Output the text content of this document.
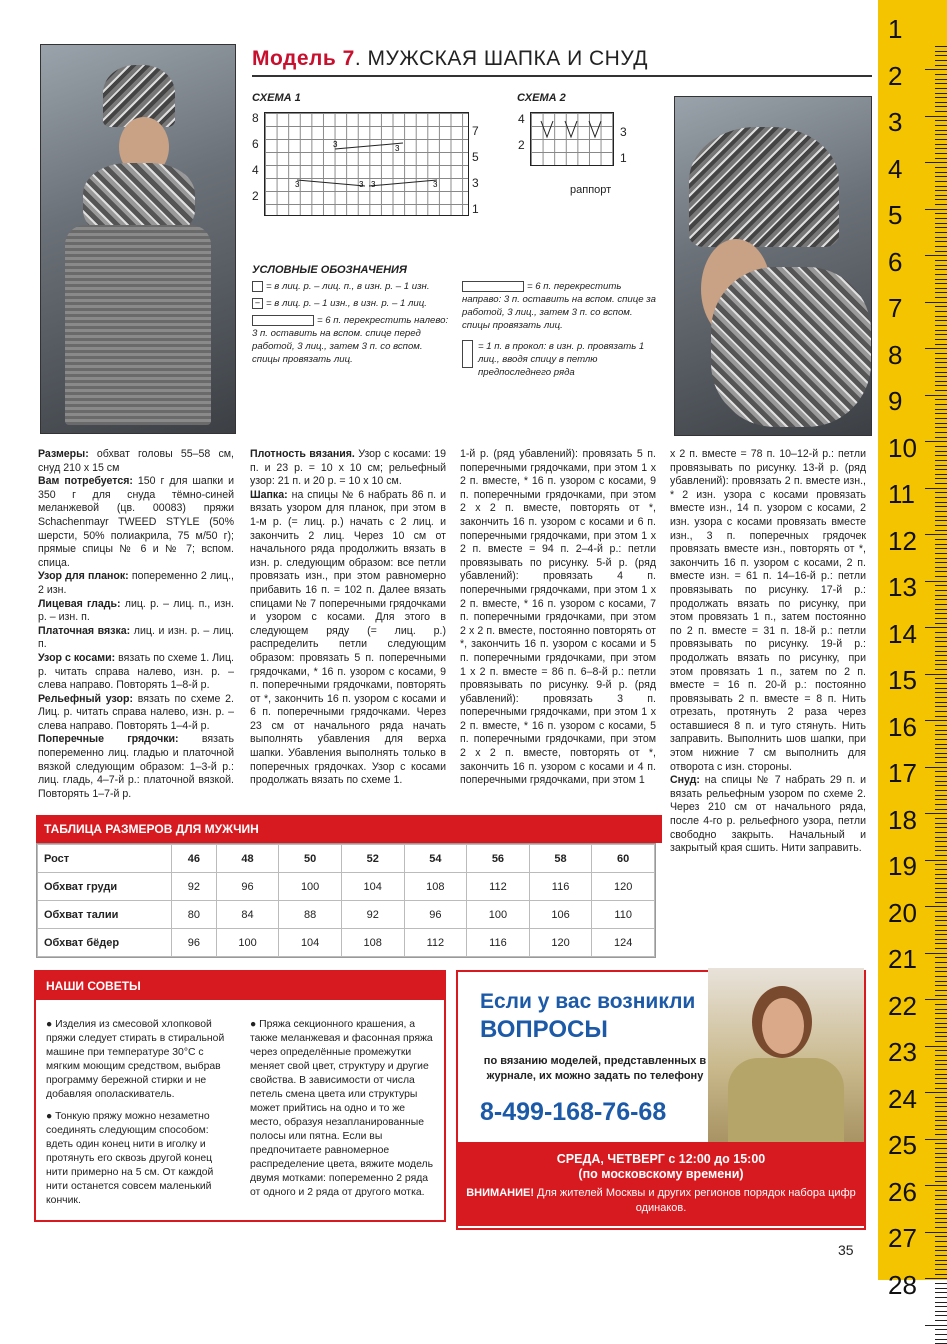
Модель 7. МУЖСКАЯ ШАПКА И СНУД
СХЕМА 1
8
6
4
2
3	3
3	3 3	3
7
5
3
1
СХЕМА 2
4
2
3
1
раппорт
УСЛОВНЫЕ ОБОЗНАЧЕНИЯ
= в лиц. р. – лиц. п., в изн. р. – 1 изн.
– = в лиц. р. – 1 изн., в изн. р. – 1 лиц.
= 6 п. перекрестить налево: 3 п. оставить на вспом. спице перед работой, 3 лиц., затем 3 п. со вспом. спицы провязать лиц.
= 6 п. перекрестить направо: 3 п. оставить на вспом. спице за работой, 3 лиц., затем 3 п. со вспом. спицы провязать лиц.
= 1 п. в прокол: в изн. р. провязать 1 лиц., вводя спицу в петлю предпоследнего ряда

Размеры: обхват головы 55–58 см, снуд 210 х 15 см

Вам потребуется: 150 г для шапки и 350 г для снуда тёмно-синей меланжевой (цв. 00083) пряжи Schachenmayr TWEED STYLE (50% шерсти, 50% полиакрила, 75 м/50 г); прямые спицы № 6 и № 7; вспом. спица.

Узор для планок: попеременно 2 лиц., 2 изн.

Лицевая гладь: лиц. р. – лиц. п., изн. р. – изн. п.

Платочная вязка: лиц. и изн. р. – лиц. п.

Узор с косами: вязать по схеме 1. Лиц. р. читать справа налево, изн. р. – слева направо. Повторять 1–8-й р.

Рельефный узор: вязать по схеме 2. Лиц. р. читать справа налево, изн. р. – слева направо. Повторять 1–4-й р.

Поперечные грядочки: вязать попеременно лиц. гладью и платочной вязкой следующим образом: 1–3-й р.: лиц. гладь, 4–7-й р.: платочной вязкой. Повторять 1–7-й р.

Плотность вязания. Узор с косами: 19 п. и 23 р. = 10 х 10 см; рельефный узор: 21 п. и 20 р. = 10 х 10 см.

Шапка: на спицы № 6 набрать 86 п. и вязать узором для планок, при этом в 1-м р. (= лиц. р.) начать с 2 лиц. и закончить 2 лиц. Через 10 см от начального ряда продолжить вязать в изн. р. следующим образом: все петли провязать изн., при этом равномерно прибавить 16 п. = 102 п. Далее вязать спицами № 7 поперечными грядочками и узором с косами. Для этого в следующем ряду (= лиц. р.) распределить петли следующим образом: провязать 5 п. поперечными грядочками, * 16 п. узором с косами, 9 п. поперечными грядочками, повторять от *, закончить 16 п. узором с косами и 6 п. поперечными грядочками. Через 23 см от начального ряда начать выполнять убавления для верха шапки. Убавления выполнять только в поперечных грядочках. Узор с косами продолжать вязать по схеме 1.

1-й р. (ряд убавлений): провязать 5 п. поперечными грядочками, при этом 1 х 2 п. вместе, * 16 п. узором с косами, 9 п. поперечными грядочками, при этом 2 х 2 п. вместе, повторять от *, закончить 16 п. узором с косами и 6 п. поперечными грядочками, при этом 1 х 2 п. вместе = 94 п. 2–4-й р.: петли провязывать по рисунку. 5-й р. (ряд убавлений): провязать 4 п. поперечными грядочками, при этом 1 х 2 п. вместе, * 16 п. узором с косами, 7 п. поперечными грядочками, при этом 2 х 2 п. вместе, постоянно повторять от *, закончить 16 п. узором с косами и 5 п. поперечными грядочками, при этом 1 х 2 п. вместе = 86 п. 6–8-й р.: петли провязывать по рисунку. 9-й р. (ряд убавлений): провязать 3 п. поперечными грядочками, при этом 1 х 2 п. вместе, * 16 п. узором с косами, 5 п. поперечными грядочками, при этом 2 х 2 п. вместе, повторять от *, закончить 16 п. узором с косами и 4 п. поперечными грядочками, при этом 1

х 2 п. вместе = 78 п. 10–12-й р.: петли провязывать по рисунку. 13-й р. (ряд убавлений): провязать 2 п. вместе изн., * 2 изн. узора с косами провязать вместе изн., 14 п. узором с косами, 2 изн. узора с косами провязать вместе изн., 3 п. поперечных грядочек провязать вместе изн., повторять от *, закончить 16 п. узором с косами, 2 п. вместе изн. = 61 п. 14–16-й р.: петли провязывать по рисунку. 17-й р.: продолжать вязать по рисунку, при этом провязать 1 п., затем постоянно по 2 п. вместе = 31 п. 18-й р.: петли провязывать по рисунку. 19-й р.: продолжать вязать по рисунку, при этом провязать 1 п., затем по 2 п. вместе = 16 п. 20-й р.: постоянно провязывать 2 п. вместе = 8 п. Нить отрезать, протянуть 2 раза через оставшиеся 8 п. и туго стянуть. Нить заправить. Выполнить шов шапки, при этом нижние 7 см выполнить для отворота с изн. стороны.

Снуд: на спицы № 7 набрать 29 п. и вязать рельефным узором по схеме 2. Через 210 см от начального ряда, после 4-го р. рельефного узора, петли свободно закрыть. Начальный и закрытый края сшить. Нити заправить.

ТАБЛИЦА РАЗМЕРОВ ДЛЯ МУЖЧИН
Рост	46	48	50	52	54	56	58	60
Обхват груди	92	96	100	104	108	112	116	120
Обхват талии	80	84	88	92	96	100	106	110
Обхват бёдер	96	100	104	108	112	116	120	124
НАШИ СОВЕТЫ

● Изделия из смесовой хлопковой пряжи следует стирать в стиральной машине при температуре 30°C с мягким моющим средством, выбрав программу бережной стирки и не добавляя ополаскиватель.

● Тонкую пряжу можно незаметно соединять следующим способом: вдеть один конец нити в иголку и протянуть его сквозь другой конец нити примерно на 5 см. От каждой нити останется совсем маленький кончик.

● Пряжа секционного крашения, а также меланжевая и фасонная пряжа через определённые промежутки меняет свой цвет, структуру и другие свойства. В зависимости от числа петель смена цвета или структуры может прийтись на одно и то же место, образуя незапланированные полосы или пятна. Если вы предпочитаете равномерное распределение цвета, вяжите модель двумя мотками: попеременно 2 ряда от одного и 2 ряда от другого мотка.

Если у вас возникли
ВОПРОСЫ
по вязанию моделей, представленных в журнале, их можно задать по телефону
8-499-168-76-68
СРЕДА, ЧЕТВЕРГ с 12:00 до 15:00
(по московскому времени)
ВНИМАНИЕ! Для жителей Москвы и других регионов порядок набора цифр одинаков.
35
1
2
3
4
5
6
7
8
9
10
11
12
13
14
15
16
17
18
19
20
21
22
23
24
25
26
27
28
